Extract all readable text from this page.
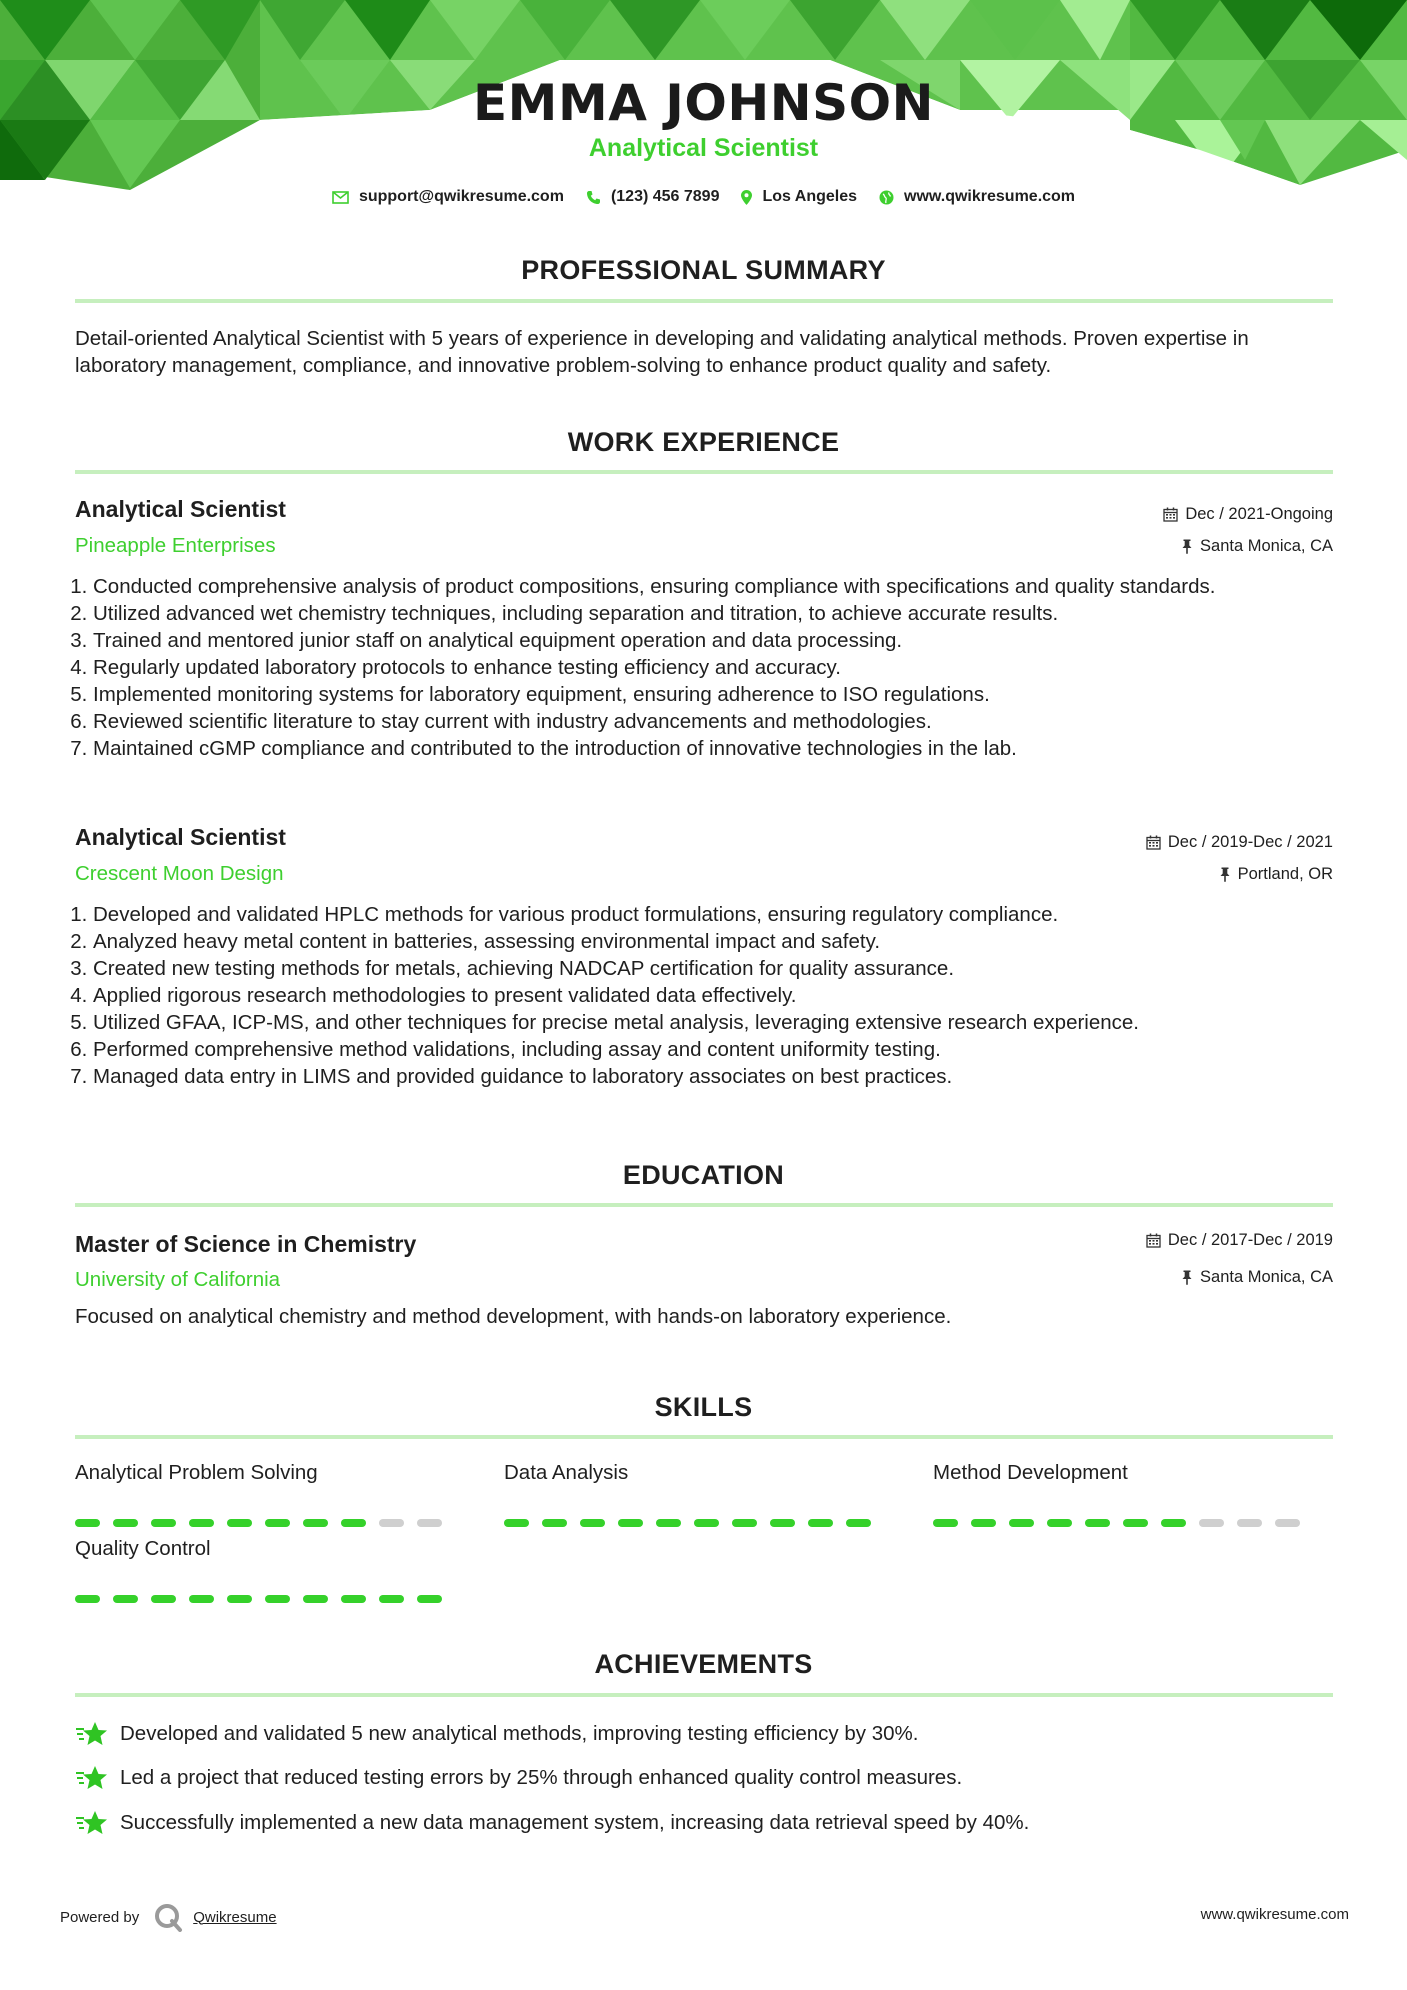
EMMA JOHNSON
Analytical Scientist
support@qwikresume.com	(123) 456 7899	Los Angeles	www.qwikresume.com
PROFESSIONAL SUMMARY
Detail-oriented Analytical Scientist with 5 years of experience in developing and validating analytical methods. Proven expertise in laboratory management, compliance, and innovative problem-solving to enhance product quality and safety.
WORK EXPERIENCE
Analytical Scientist
Pineapple Enterprises
Dec / 2021-Ongoing
Santa Monica, CA
1. Conducted comprehensive analysis of product compositions, ensuring compliance with specifications and quality standards.
2. Utilized advanced wet chemistry techniques, including separation and titration, to achieve accurate results.
3. Trained and mentored junior staff on analytical equipment operation and data processing.
4. Regularly updated laboratory protocols to enhance testing efficiency and accuracy.
5. Implemented monitoring systems for laboratory equipment, ensuring adherence to ISO regulations.
6. Reviewed scientific literature to stay current with industry advancements and methodologies.
7. Maintained cGMP compliance and contributed to the introduction of innovative technologies in the lab.
Analytical Scientist
Crescent Moon Design
Dec / 2019-Dec / 2021
Portland, OR
1. Developed and validated HPLC methods for various product formulations, ensuring regulatory compliance.
2. Analyzed heavy metal content in batteries, assessing environmental impact and safety.
3. Created new testing methods for metals, achieving NADCAP certification for quality assurance.
4. Applied rigorous research methodologies to present validated data effectively.
5. Utilized GFAA, ICP-MS, and other techniques for precise metal analysis, leveraging extensive research experience.
6. Performed comprehensive method validations, including assay and content uniformity testing.
7. Managed data entry in LIMS and provided guidance to laboratory associates on best practices.
EDUCATION
Master of Science in Chemistry
University of California
Dec / 2017-Dec / 2019
Santa Monica, CA
Focused on analytical chemistry and method development, with hands-on laboratory experience.
SKILLS
Analytical Problem Solving	Data Analysis	Method Development
Quality Control
ACHIEVEMENTS
Developed and validated 5 new analytical methods, improving testing efficiency by 30%.
Led a project that reduced testing errors by 25% through enhanced quality control measures.
Successfully implemented a new data management system, increasing data retrieval speed by 40%.
Powered by	Qwikresume	www.qwikresume.com
